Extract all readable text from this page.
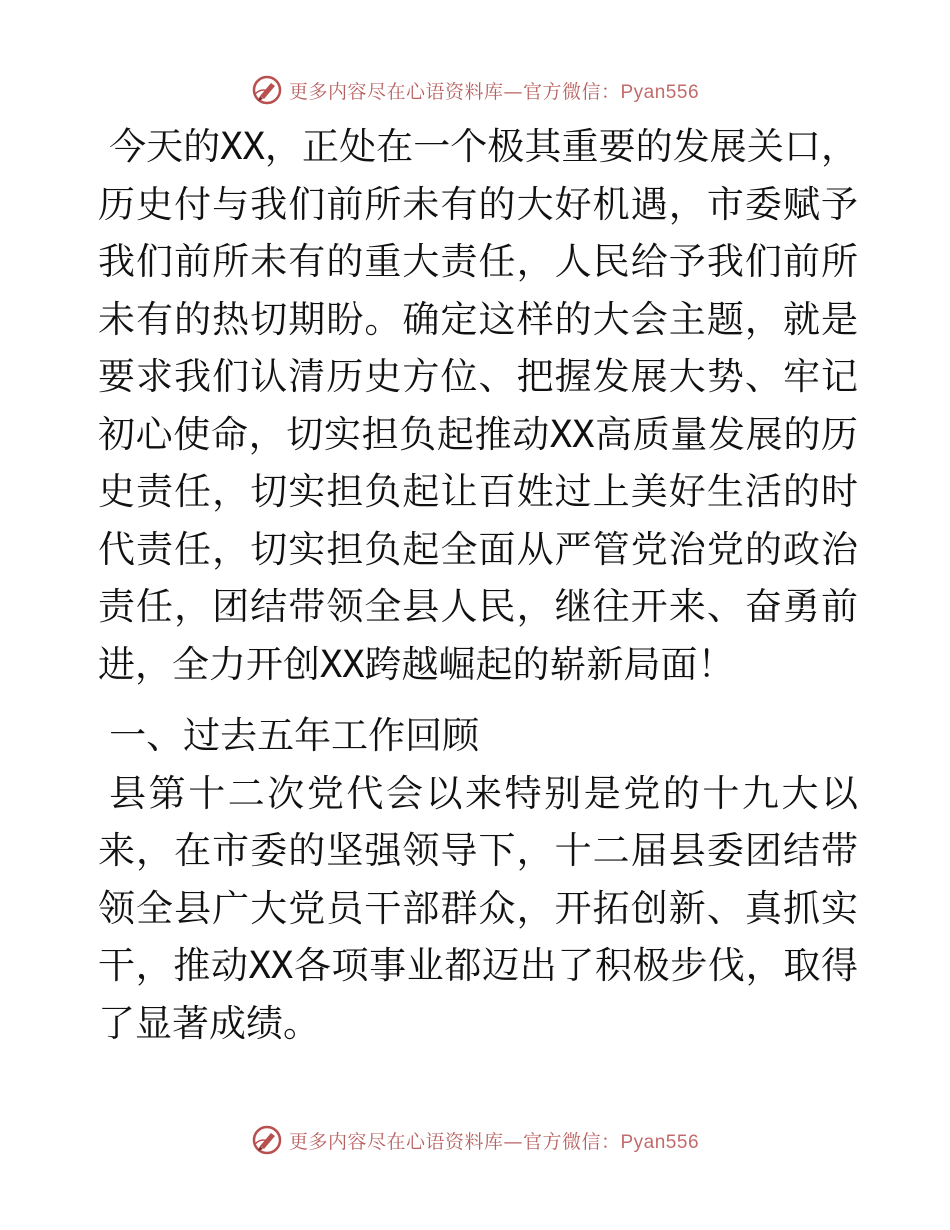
更多内容尽在心语资料库—官方微信：Pyan556

今天的XX，正处在一个极其重要的发展关口，历史付与我们前所未有的大好机遇，市委赋予我们前所未有的重大责任，人民给予我们前所未有的热切期盼。确定这样的大会主题，就是要求我们认清历史方位、把握发展大势、牢记初心使命，切实担负起推动XX高质量发展的历史责任，切实担负起让百姓过上美好生活的时代责任，切实担负起全面从严管党治党的政治责任，团结带领全县人民，继往开来、奋勇前进，全力开创XX跨越崛起的崭新局面！

一、过去五年工作回顾

县第十二次党代会以来特别是党的十九大以来，在市委的坚强领导下，十二届县委团结带领全县广大党员干部群众，开拓创新、真抓实干，推动XX各项事业都迈出了积极步伐，取得了显著成绩。

更多内容尽在心语资料库—官方微信：Pyan556
